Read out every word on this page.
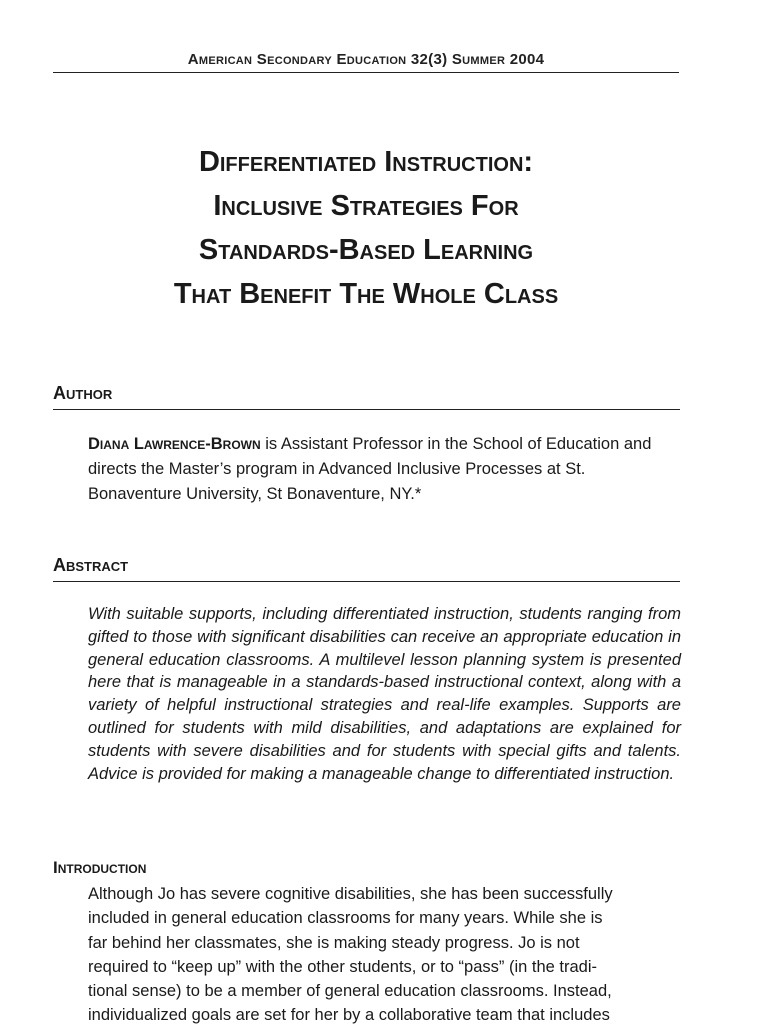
American Secondary Education 32(3) Summer 2004
Differentiated Instruction:
Inclusive Strategies For
Standards-Based Learning
That Benefit The Whole Class
Author
Diana Lawrence-Brown is Assistant Professor in the School of Education and directs the Master’s program in Advanced Inclusive Processes at St. Bonaventure University, St Bonaventure, NY.*
Abstract
With suitable supports, including differentiated instruction, students ranging from gifted to those with significant disabilities can receive an appropriate education in general education classrooms. A multilevel lesson planning system is presented here that is manageable in a standards-based instructional context, along with a variety of helpful instructional strategies and real-life examples. Supports are outlined for students with mild disabilities, and adaptations are explained for students with severe disabilities and for students with special gifts and talents. Advice is provided for making a manageable change to differentiated instruction.
Introduction
Although Jo has severe cognitive disabilities, she has been successfully
included in general education classrooms for many years. While she is
far behind her classmates, she is making steady progress. Jo is not
required to “keep up” with the other students, or to “pass” (in the tradi-
tional sense) to be a member of general education classrooms. Instead,
individualized goals are set for her by a collaborative team that includes
